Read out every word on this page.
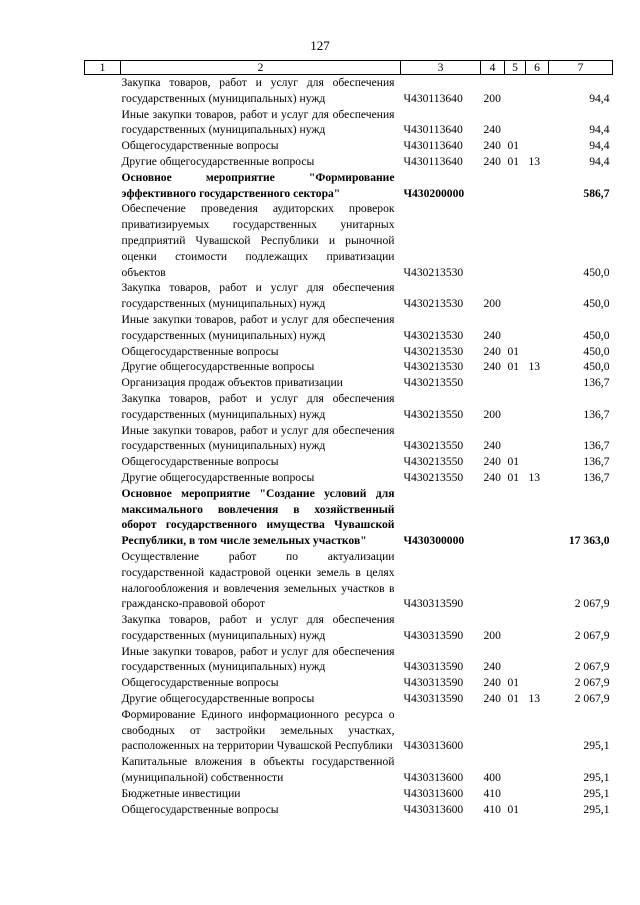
127
1	2	3	4	5	6	7
	Закупка товаров, работ и услуг для обеспечения государственных (муниципальных) нужд	Ч430113640	200			94,4
	Иные закупки товаров, работ и услуг для обеспечения государственных (муниципальных) нужд	Ч430113640	240			94,4
	Общегосударственные вопросы	Ч430113640	240	01		94,4
	Другие общегосударственные вопросы	Ч430113640	240	01	13	94,4
	Основное мероприятие "Формирование эффективного государственного сектора"	Ч430200000				586,7
	Обеспечение проведения аудиторских проверок приватизируемых государственных унитарных предприятий Чувашской Республики и рыночной оценки стоимости подлежащих приватизации объектов	Ч430213530				450,0
	Закупка товаров, работ и услуг для обеспечения государственных (муниципальных) нужд	Ч430213530	200			450,0
	Иные закупки товаров, работ и услуг для обеспечения государственных (муниципальных) нужд	Ч430213530	240			450,0
	Общегосударственные вопросы	Ч430213530	240	01		450,0
	Другие общегосударственные вопросы	Ч430213530	240	01	13	450,0
	Организация продаж объектов приватизации	Ч430213550				136,7
	Закупка товаров, работ и услуг для обеспечения государственных (муниципальных) нужд	Ч430213550	200			136,7
	Иные закупки товаров, работ и услуг для обеспечения государственных (муниципальных) нужд	Ч430213550	240			136,7
	Общегосударственные вопросы	Ч430213550	240	01		136,7
	Другие общегосударственные вопросы	Ч430213550	240	01	13	136,7
	Основное мероприятие "Создание условий для максимального вовлечения в хозяйственный оборот государственного имущества Чувашской Республики, в том числе земельных участков"	Ч430300000				17 363,0
	Осуществление работ по актуализации государственной кадастровой оценки земель в целях налогообложения и вовлечения земельных участков в гражданско-правовой оборот	Ч430313590				2 067,9
	Закупка товаров, работ и услуг для обеспечения государственных (муниципальных) нужд	Ч430313590	200			2 067,9
	Иные закупки товаров, работ и услуг для обеспечения государственных (муниципальных) нужд	Ч430313590	240			2 067,9
	Общегосударственные вопросы	Ч430313590	240	01		2 067,9
	Другие общегосударственные вопросы	Ч430313590	240	01	13	2 067,9
	Формирование Единого информационного ресурса о свободных от застройки земельных участках, расположенных на территории Чувашской Республики	Ч430313600				295,1
	Капитальные вложения в объекты государственной (муниципальной) собственности	Ч430313600	400			295,1
	Бюджетные инвестиции	Ч430313600	410			295,1
	Общегосударственные вопросы	Ч430313600	410	01		295,1
